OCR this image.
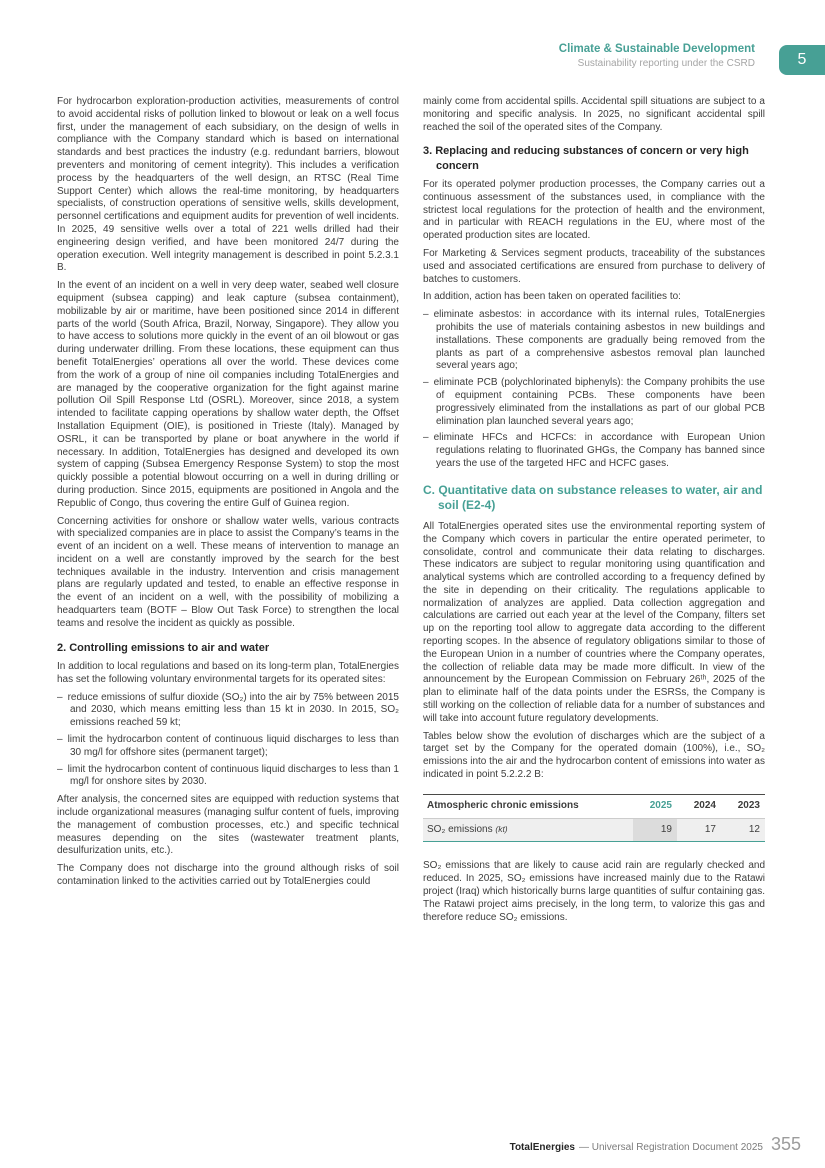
Climate & Sustainable Development
Sustainability reporting under the CSRD	5

For hydrocarbon exploration-production activities, measurements of control to avoid accidental risks of pollution linked to blowout or leak on a well focus first, under the management of each subsidiary, on the design of wells in compliance with the Company standard which is based on international standards and best practices the industry (e.g. redundant barriers, blowout preventers and monitoring of cement integrity). This includes a verification process by the headquarters of the well design, an RTSC (Real Time Support Center) which allows the real-time monitoring, by headquarters specialists, of construction operations of sensitive wells, skills development, personnel certifications and equipment audits for prevention of well incidents. In 2025, 49 sensitive wells over a total of 221 wells drilled had their engineering design verified, and have been monitored 24/7 during the operation execution. Well integrity management is described in point 5.2.3.1 B.

In the event of an incident on a well in very deep water, seabed well closure equipment (subsea capping) and leak capture (subsea containment), mobilizable by air or maritime, have been positioned since 2014 in different parts of the world (South Africa, Brazil, Norway, Singapore). They allow you to have access to solutions more quickly in the event of an oil blowout or gas during underwater drilling. From these locations, these equipment can thus benefit TotalEnergies’ operations all over the world. These devices come from the work of a group of nine oil companies including TotalEnergies and are managed by the cooperative organization for the fight against marine pollution Oil Spill Response Ltd (OSRL). Moreover, since 2018, a system intended to facilitate capping operations by shallow water depth, the Offset Installation Equipment (OIE), is positioned in Trieste (Italy). Managed by OSRL, it can be transported by plane or boat anywhere in the world if necessary. In addition, TotalEnergies has designed and developed its own system of capping (Subsea Emergency Response System) to stop the most quickly possible a potential blowout occurring on a well in during drilling or during production. Since 2015, equipments are positioned in Angola and the Republic of Congo, thus covering the entire Gulf of Guinea region.

Concerning activities for onshore or shallow water wells, various contracts with specialized companies are in place to assist the Company’s teams in the event of an incident on a well. These means of intervention to manage an incident on a well are constantly improved by the search for the best techniques available in the industry. Intervention and crisis management plans are regularly updated and tested, to enable an effective response in the event of an incident on a well, with the possibility of mobilizing a headquarters team (BOTF – Blow Out Task Force) to strengthen the local teams and resolve the incident as quickly as possible.

2. Controlling emissions to air and water

In addition to local regulations and based on its long-term plan, TotalEnergies has set the following voluntary environmental targets for its operated sites:

– reduce emissions of sulfur dioxide (SO₂) into the air by 75% between 2015 and 2030, which means emitting less than 15 kt in 2030. In 2015, SO₂ emissions reached 59 kt;
– limit the hydrocarbon content of continuous liquid discharges to less than 30 mg/l for offshore sites (permanent target);
– limit the hydrocarbon content of continuous liquid discharges to less than 1 mg/l for onshore sites by 2030.

After analysis, the concerned sites are equipped with reduction systems that include organizational measures (managing sulfur content of fuels, improving the management of combustion processes, etc.) and specific technical measures depending on the sites (wastewater treatment plants, desulfurization units, etc.).

The Company does not discharge into the ground although risks of soil contamination linked to the activities carried out by TotalEnergies could

mainly come from accidental spills. Accidental spill situations are subject to a monitoring and specific analysis. In 2025, no significant accidental spill reached the soil of the operated sites of the Company.

3. Replacing and reducing substances of concern or very high concern

For its operated polymer production processes, the Company carries out a continuous assessment of the substances used, in compliance with the strictest local regulations for the protection of health and the environment, and in particular with REACH regulations in the EU, where most of the operated production sites are located.

For Marketing & Services segment products, traceability of the substances used and associated certifications are ensured from purchase to delivery of batches to customers.

In addition, action has been taken on operated facilities to:

– eliminate asbestos: in accordance with its internal rules, TotalEnergies prohibits the use of materials containing asbestos in new buildings and installations. These components are gradually being removed from the plants as part of a comprehensive asbestos removal plan launched several years ago;
– eliminate PCB (polychlorinated biphenyls): the Company prohibits the use of equipment containing PCBs. These components have been progressively eliminated from the installations as part of our global PCB elimination plan launched several years ago;
– eliminate HFCs and HCFCs: in accordance with European Union regulations relating to fluorinated GHGs, the Company has banned since years the use of the targeted HFC and HCFC gases.
C. Quantitative data on substance releases to water, air and soil (E2-4)

All TotalEnergies operated sites use the environmental reporting system of the Company which covers in particular the entire operated perimeter, to consolidate, control and communicate their data relating to discharges. These indicators are subject to regular monitoring using quantification and analytical systems which are controlled according to a frequency defined by the site in depending on their criticality. The regulations applicable to normalization of analyzes are applied. Data collection aggregation and calculations are carried out each year at the level of the Company, filters set up on the reporting tool allow to aggregate data according to the different reporting scopes. In the absence of regulatory obligations similar to those of the European Union in a number of countries where the Company operates, the collection of reliable data may be made more difficult. In view of the announcement by the European Commission on February 26ᵗʰ, 2025 of the plan to eliminate half of the data points under the ESRSs, the Company is still working on the collection of reliable data for a number of substances and will take into account future regulatory developments.

Tables below show the evolution of discharges which are the subject of a target set by the Company for the operated domain (100%), i.e., SO₂ emissions into the air and the hydrocarbon content of emissions into water as indicated in point 5.2.2.2 B:

Atmospheric chronic emissions	2025	2024	2023
SO₂ emissions (kt)	19	17	12

SO₂ emissions that are likely to cause acid rain are regularly checked and reduced. In 2025, SO₂ emissions have increased mainly due to the Ratawi project (Iraq) which historically burns large quantities of sulfur containing gas. The Ratawi project aims precisely, in the long term, to valorize this gas and therefore reduce SO₂ emissions.

TotalEnergies — Universal Registration Document 2025 355
